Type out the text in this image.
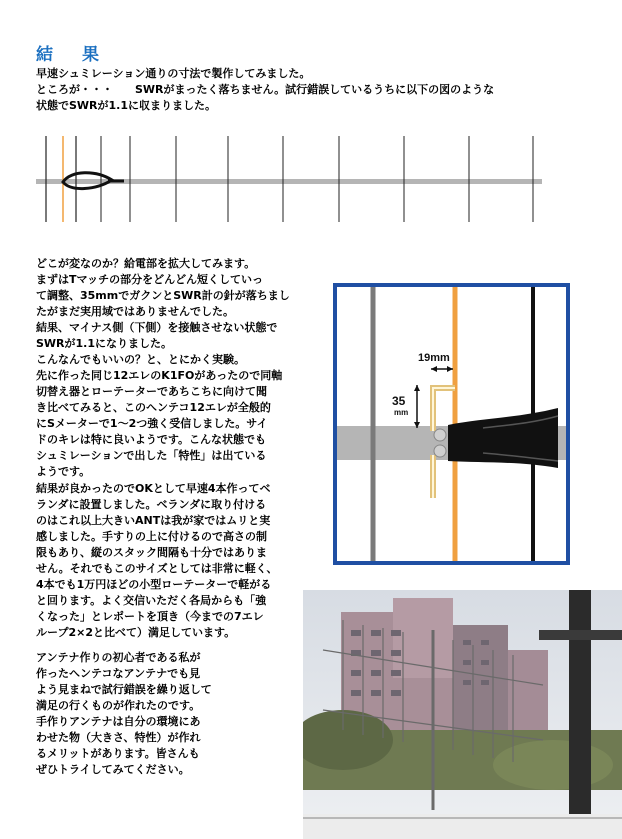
結　果

早速シュミレーション通りの寸法で製作してみました。

ところが・・・　　SWRがまったく落ちません。試行錯誤しているうちに以下の図のような

状態でSWRが1.1に収まりました。

どこが変なのか？給電部を拡大してみます。

まずはTマッチの部分をどんどん短くしていっ

て調整、35mmでガクンとSWR計の針が落ちまし

たがまだ実用域ではありませんでした。

結果、マイナス側（下側）を接触させない状態で

SWRが1.1になりました。

こんなんでもいいの？と、とにかく実験。

先に作った同じ12エレのK1FOがあったので同軸

切替え器とローテーターであちこちに向けて聞

き比べてみると、このヘンテコ12エレが全般的

にSメーターで1～2つ強く受信しました。サイ

ドのキレは特に良いようです。こんな状態でも

シュミレーションで出した「特性」は出ている

ようです。

19mm
35
mm

結果が良かったのでOKとして早速4本作ってベ

ランダに設置しました。ベランダに取り付ける

のはこれ以上大きいANTは我が家ではムリと実

感しました。手すりの上に付けるので高さの制

限もあり、縦のスタック間隔も十分ではありま

せん。それでもこのサイズとしては非常に軽く、

4本でも1万円ほどの小型ローテーターで軽がる

と回ります。よく交信いただく各局からも「強

くなった」とレポートを頂き（今までの7エレ

ループ2×2と比べて）満足しています。

アンテナ作りの初心者である私が

作ったヘンテコなアンテナでも見

よう見まねで試行錯誤を繰り返して

満足の行くものが作れたのです。

手作りアンテナは自分の環境にあ

わせた物（大きさ、特性）が作れ

るメリットがあります。皆さんも

ぜひトライしてみてください。
